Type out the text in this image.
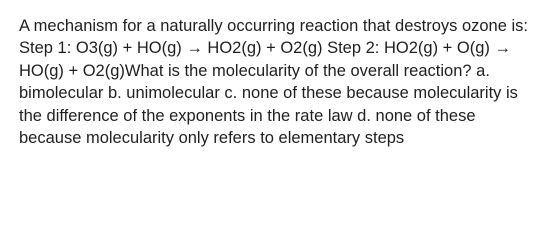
A mechanism for a naturally occurring reaction that destroys ozone is: Step 1: O3(g) + HO(g) → HO2(g) + O2(g) Step 2: HO2(g) + O(g) → HO(g) + O2(g)What is the molecularity of the overall reaction? a. bimolecular b. unimolecular c. none of these because molecularity is the difference of the exponents in the rate law d. none of these because molecularity only refers to elementary steps
